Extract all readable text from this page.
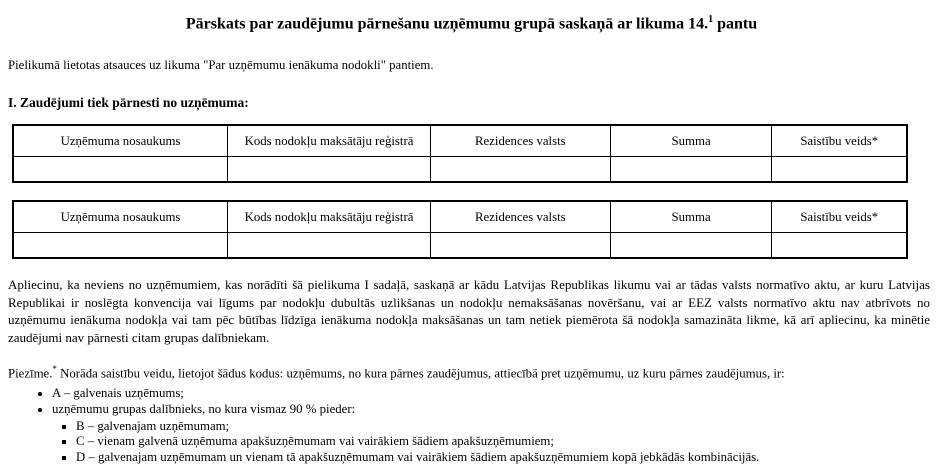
Pārskats par zaudējumu pārnešanu uzņēmumu grupā saskaņā ar likuma 14.$^1$ pantu
Pielikumā lietotas atsauces uz likuma "Par uzņēmumu ienākuma nodokli" pantiem.
I. Zaudējumi tiek pārnesti no uzņēmuma:
Uzņēmuma nosaukums	Kods nodokļu maksātāju reģistrā	Rezidences valsts	Summa	Saistību veids*

Uzņēmuma nosaukums	Kods nodokļu maksātāju reģistrā	Rezidences valsts	Summa	Saistību veids*

Apliecinu, ka neviens no uzņēmumiem, kas norādīti šā pielikuma I sadaļā, saskaņā ar kādu Latvijas Republikas likumu vai ar tādas valsts normatīvo aktu, ar kuru Latvijas Republikai ir noslēgta konvencija vai līgums par nodokļu dubultās uzlikšanas un nodokļu nemaksāšanas novēršanu, vai ar EEZ valsts normatīvo aktu nav atbrīvots no uzņēmumu ienākuma nodokļa vai tam pēc būtības līdzīga ienākuma nodokļa maksāšanas un tam netiek piemērota šā nodokļa samazināta likme, kā arī apliecinu, ka minētie zaudējumi nav pārnesti citam grupas dalībniekam.
Piezīme.* Norāda saistību veidu, lietojot šādus kodus: uzņēmums, no kura pārnes zaudējumus, attiecībā pret uzņēmumu, uz kuru pārnes zaudējumus, ir:
• A – galvenais uzņēmums;
• uzņēmumu grupas dalībnieks, no kura vismaz 90 % pieder:
▪ B – galvenajam uzņēmumam;
▪ C – vienam galvenā uzņēmuma apakšuzņēmumam vai vairākiem šādiem apakšuzņēmumiem;
▪ D – galvenajam uzņēmumam un vienam tā apakšuzņēmumam vai vairākiem šādiem apakšuzņēmumiem kopā jebkādās kombinācijās.
